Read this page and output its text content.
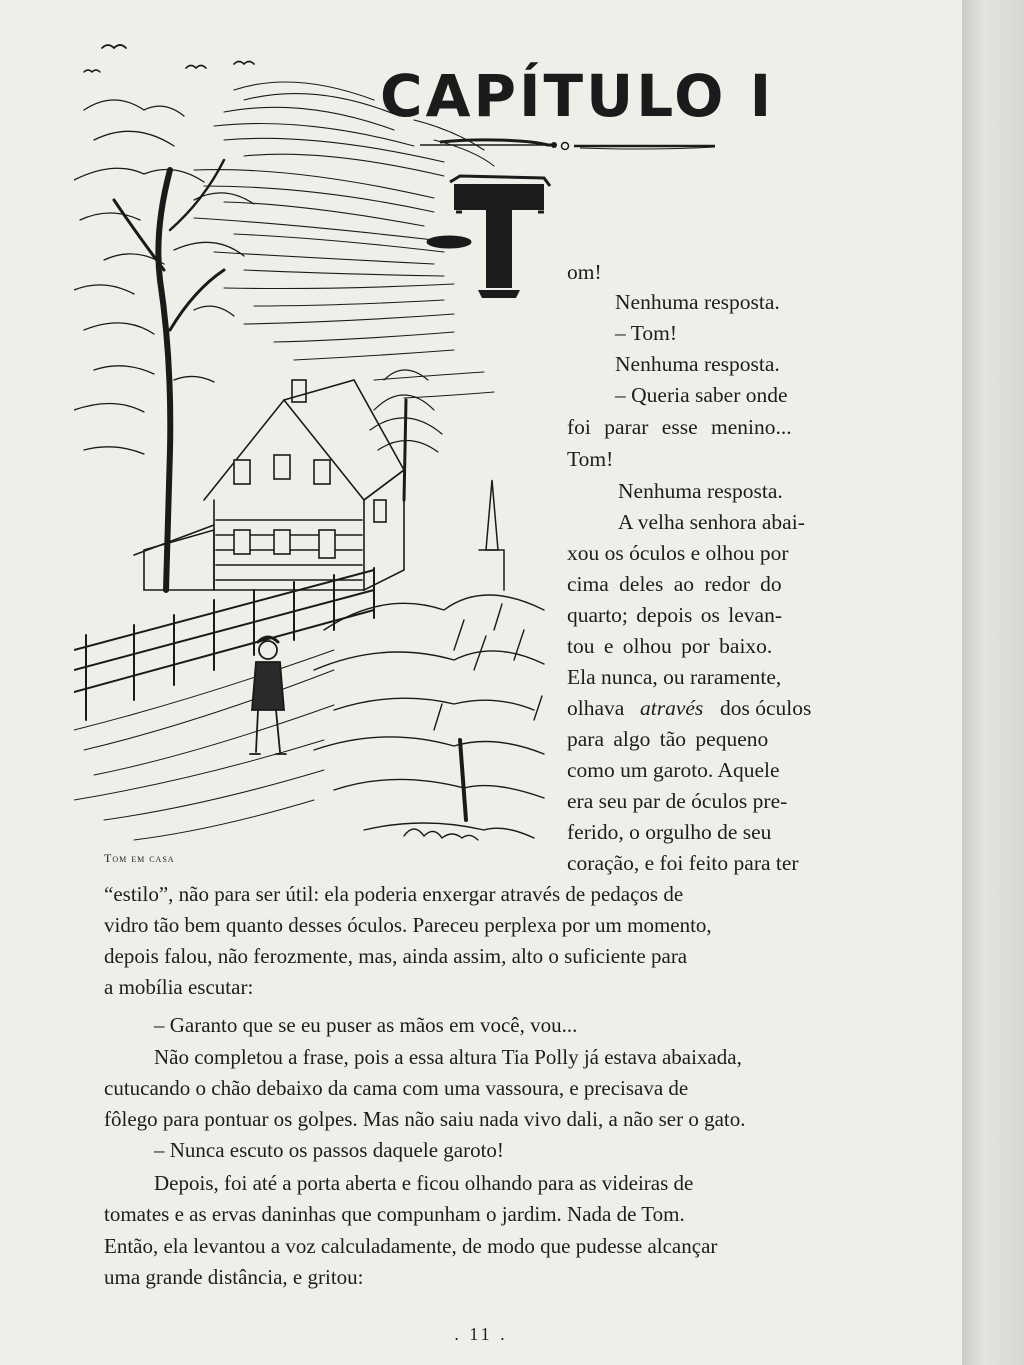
CAPÍTULO I
Tom em casa
T
om!
Nenhuma resposta.
– Tom!
Nenhuma resposta.
– Queria saber onde
foi parar esse menino...
Tom!
Nenhuma resposta.
A velha senhora abai-
xou os óculos e olhou por
cima deles ao redor do
quarto; depois os levan-
tou e olhou por baixo.
Ela nunca, ou raramente,
olhava através dos óculos
para algo tão pequeno
como um garoto. Aquele
era seu par de óculos pre-
ferido, o orgulho de seu
coração, e foi feito para ter
“estilo”, não para ser útil: ela poderia enxergar através de pedaços de
vidro tão bem quanto desses óculos. Pareceu perplexa por um momento,
depois falou, não ferozmente, mas, ainda assim, alto o suficiente para
a mobília escutar:
– Garanto que se eu puser as mãos em você, vou...
Não completou a frase, pois a essa altura Tia Polly já estava abaixada,
cutucando o chão debaixo da cama com uma vassoura, e precisava de
fôlego para pontuar os golpes. Mas não saiu nada vivo dali, a não ser o gato.
– Nunca escuto os passos daquele garoto!
Depois, foi até a porta aberta e ficou olhando para as videiras de
tomates e as ervas daninhas que compunham o jardim. Nada de Tom.
Então, ela levantou a voz calculadamente, de modo que pudesse alcançar
uma grande distância, e gritou:
. 11 .
